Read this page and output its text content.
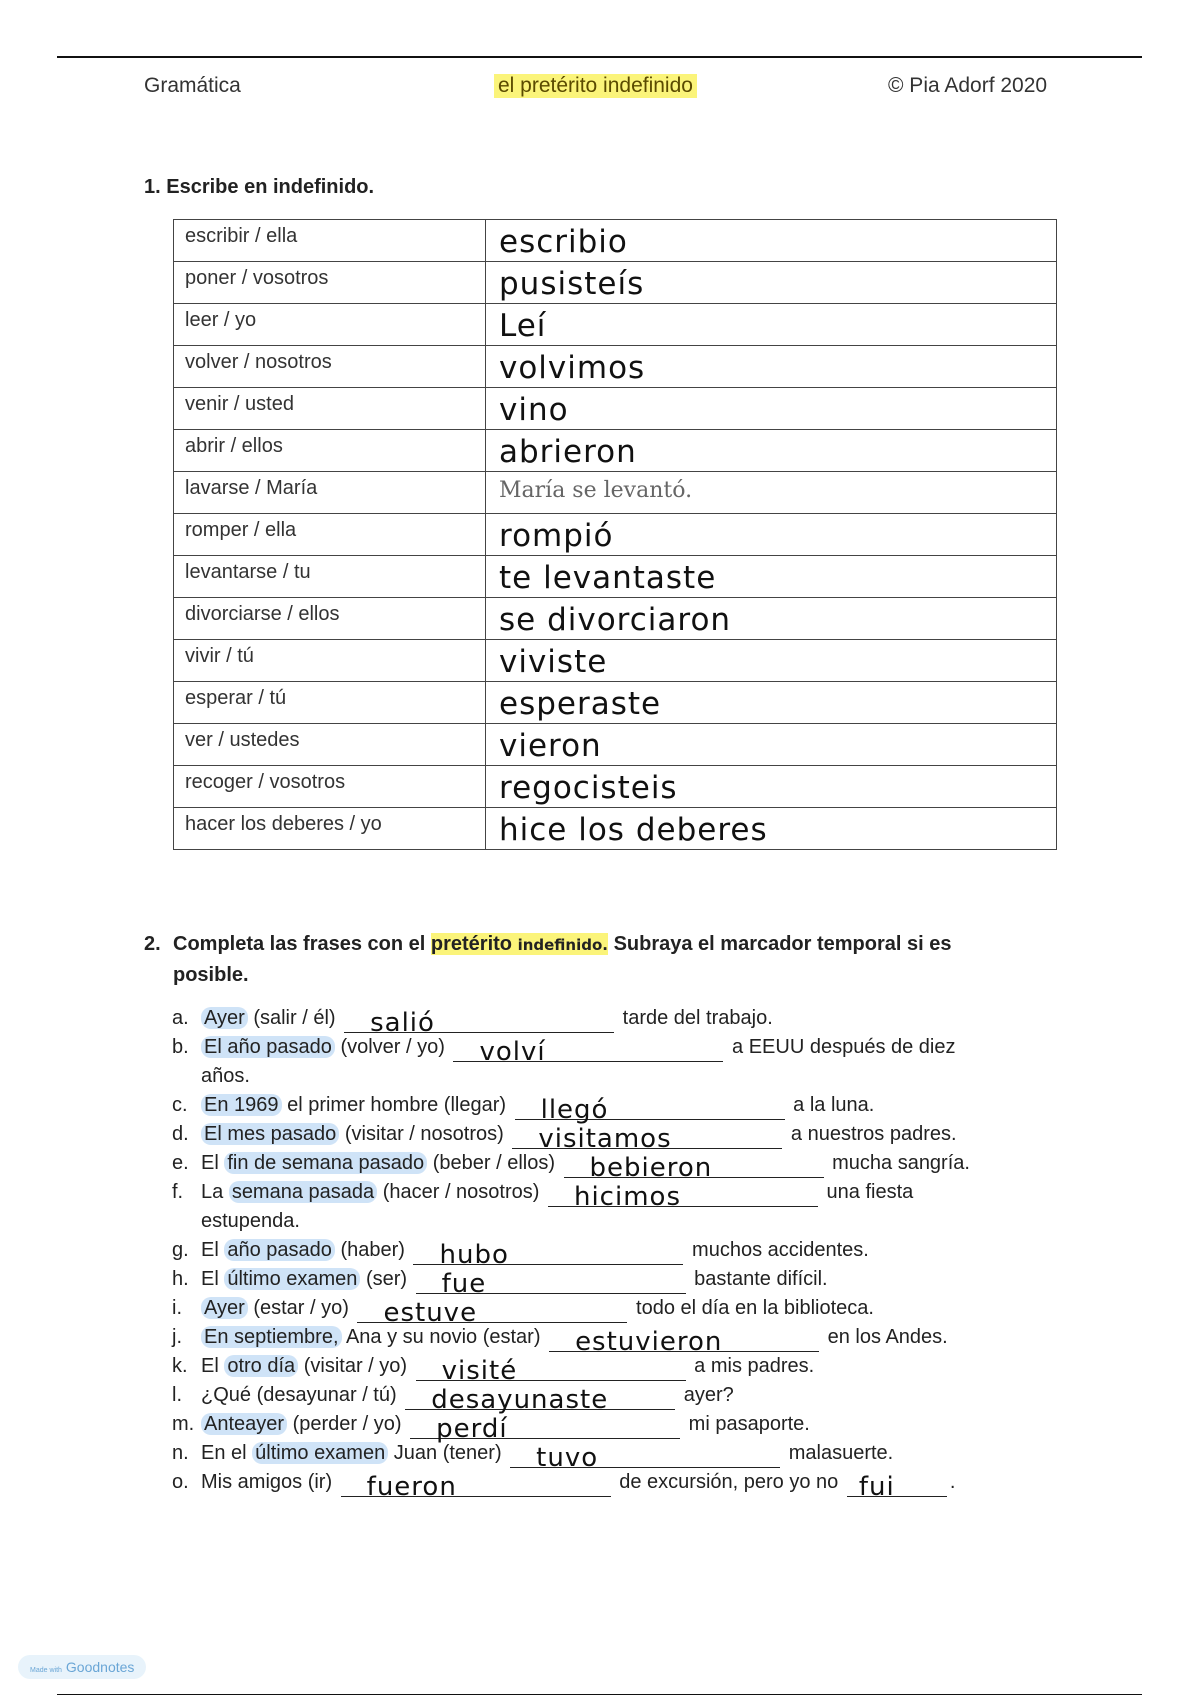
Gramática	el pretérito indefinido	© Pia Adorf 2020
1. Escribe en indefinido.
escribir / ella	escribio
poner / vosotros	pusisteís
leer / yo	Leí
volver / nosotros	volvimos
venir / usted	vino
abrir / ellos	abrieron
lavarse / María	María se levantó.
romper / ella	rompió
levantarse / tu	te levantaste
divorciarse / ellos	se divorciaron
vivir / tú	viviste
esperar / tú	esperaste
ver / ustedes	vieron
recoger / vosotros	regocisteis
hacer los deberes / yo	hice los deberes
2. Completa las frases con el pretérito indefinido. Subraya el marcador temporal si es posible.
a. Ayer (salir / él) salió	tarde del trabajo.
b. El año pasado (volver / yo) volví	a EEUU después de diez años.
c. En 1969 el primer hombre (llegar) llegó	a la luna.
d. El mes pasado (visitar / nosotros) visitamos	a nuestros padres.
e. El fin de semana pasado (beber / ellos) bebieron	mucha sangría.
f. La semana pasada (hacer / nosotros) hicimos	una fiesta estupenda.
g. El año pasado (haber) hubo	muchos accidentes.
h. El último examen (ser) fue	bastante difícil.
i.	Ayer (estar / yo) estuve	todo el día en la biblioteca.
j.	En septiembre, Ana y su novio (estar) estuvieron	en los Andes.
k. El otro día (visitar / yo) visité	a mis padres.
l. ¿Qué (desayunar / tú) desayunaste	ayer?
m. Anteayer (perder / yo) perdí	mi pasaporte.
n. En el último examen Juan (tener) tuvo	malasuerte.
o. Mis amigos (ir) fueron	de excursión, pero yo no fui	.
Made with Goodnotes
